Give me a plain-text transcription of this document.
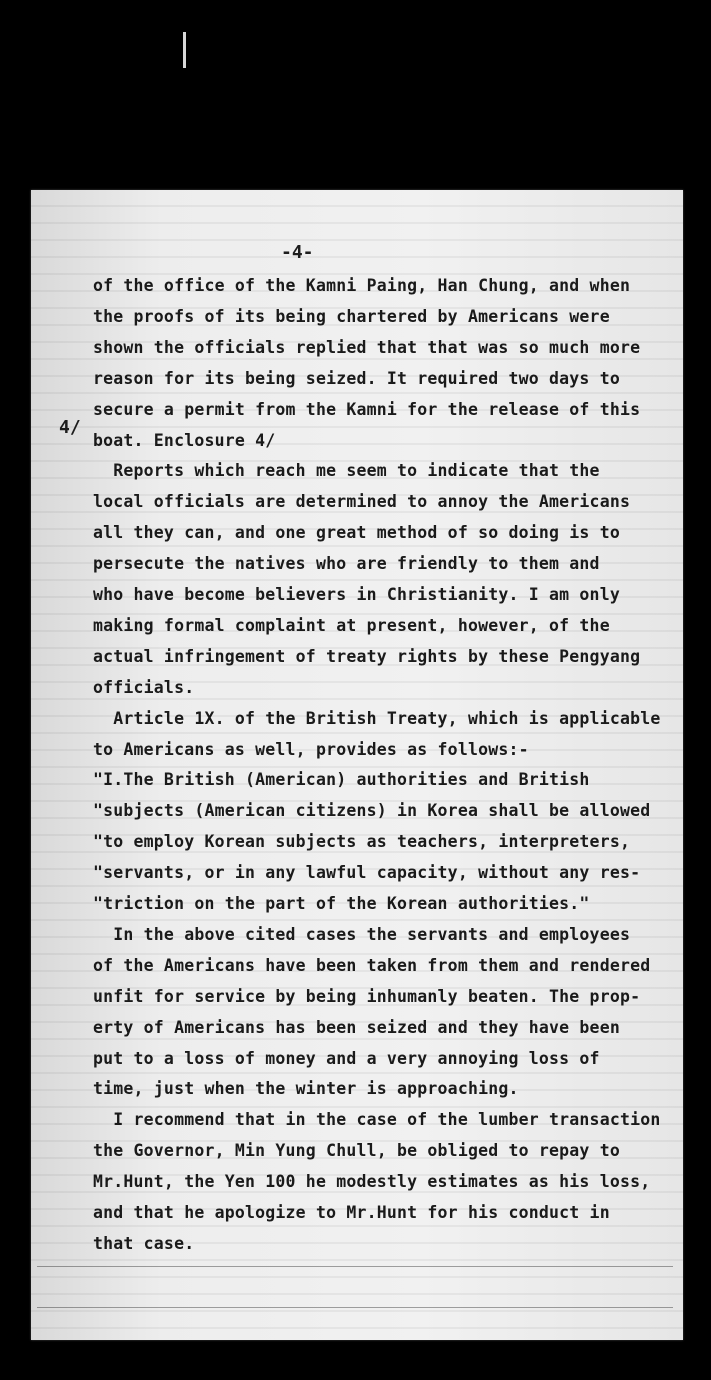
-4-
4/
of the office of the Kamni Paing, Han Chung, and when
the proofs of its being chartered by Americans were
shown the officials replied that that was so much more
reason for its being seized. It required two days to
secure a permit from the Kamni for the release of this
boat. Enclosure 4/
Reports which reach me seem to indicate that the
local officials are determined to annoy the Americans
all they can, and one great method of so doing is to
persecute the natives who are friendly to them and
who have become believers in Christianity. I am only
making formal complaint at present, however, of the
actual infringement of treaty rights by these Pengyang
officials.
Article 1X. of the British Treaty, which is applicable
to Americans as well, provides as follows:-
"I.The British (American) authorities and British
"subjects (American citizens) in Korea shall be allowed
"to employ Korean subjects as teachers, interpreters,
"servants, or in any lawful capacity, without any res-
"triction on the part of the Korean authorities."
In the above cited cases the servants and employees
of the Americans have been taken from them and rendered
unfit for service by being inhumanly beaten. The prop-
erty of Americans has been seized and they have been
put to a loss of money and a very annoying loss of
time, just when the winter is approaching.
I recommend that in the case of the lumber transaction
the Governor, Min Yung Chull, be obliged to repay to
Mr.Hunt, the Yen 100 he modestly estimates as his loss,
and that he apologize to Mr.Hunt for his conduct in
that case.
